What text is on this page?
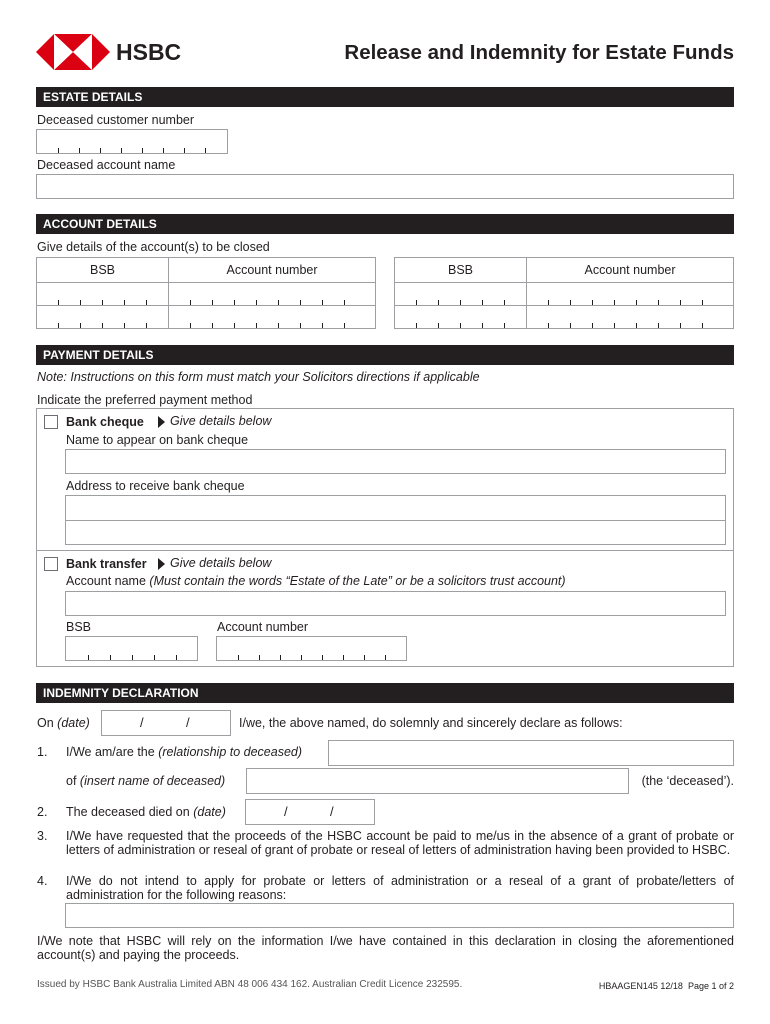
HSBC	Release and Indemnity for Estate Funds
ESTATE DETAILS
Deceased customer number
Deceased account name
ACCOUNT DETAILS
Give details of the account(s) to be closed
BSB	Account number	BSB	Account number
PAYMENT DETAILS
Note: Instructions on this form must match your Solicitors directions if applicable
Indicate the preferred payment method
Bank cheque Give details below
Name to appear on bank cheque
Address to receive bank cheque
Bank transfer Give details below
Account name (Must contain the words “Estate of the Late” or be a solicitors trust account)
BSB	Account number
INDEMNITY DECLARATION
On (date)	/	/	I/we, the above named, do solemnly and sincerely declare as follows:
1. I/We am/are the (relationship to deceased)
of (insert name of deceased)	(the ‘deceased’).
2. The deceased died on (date)	/	/
3. I/We have requested that the proceeds of the HSBC account be paid to me/us in the absence of a grant of probate or letters of administration or reseal of grant of probate or reseal of letters of administration having been provided to HSBC.
4. I/We do not intend to apply for probate or letters of administration or a reseal of a grant of probate/letters of administration for the following reasons:
I/We note that HSBC will rely on the information I/we have contained in this declaration in closing the aforementioned account(s) and paying the proceeds.
Issued by HSBC Bank Australia Limited ABN 48 006 434 162. Australian Credit Licence 232595.	HBAAGEN145 12/18 Page 1 of 2
